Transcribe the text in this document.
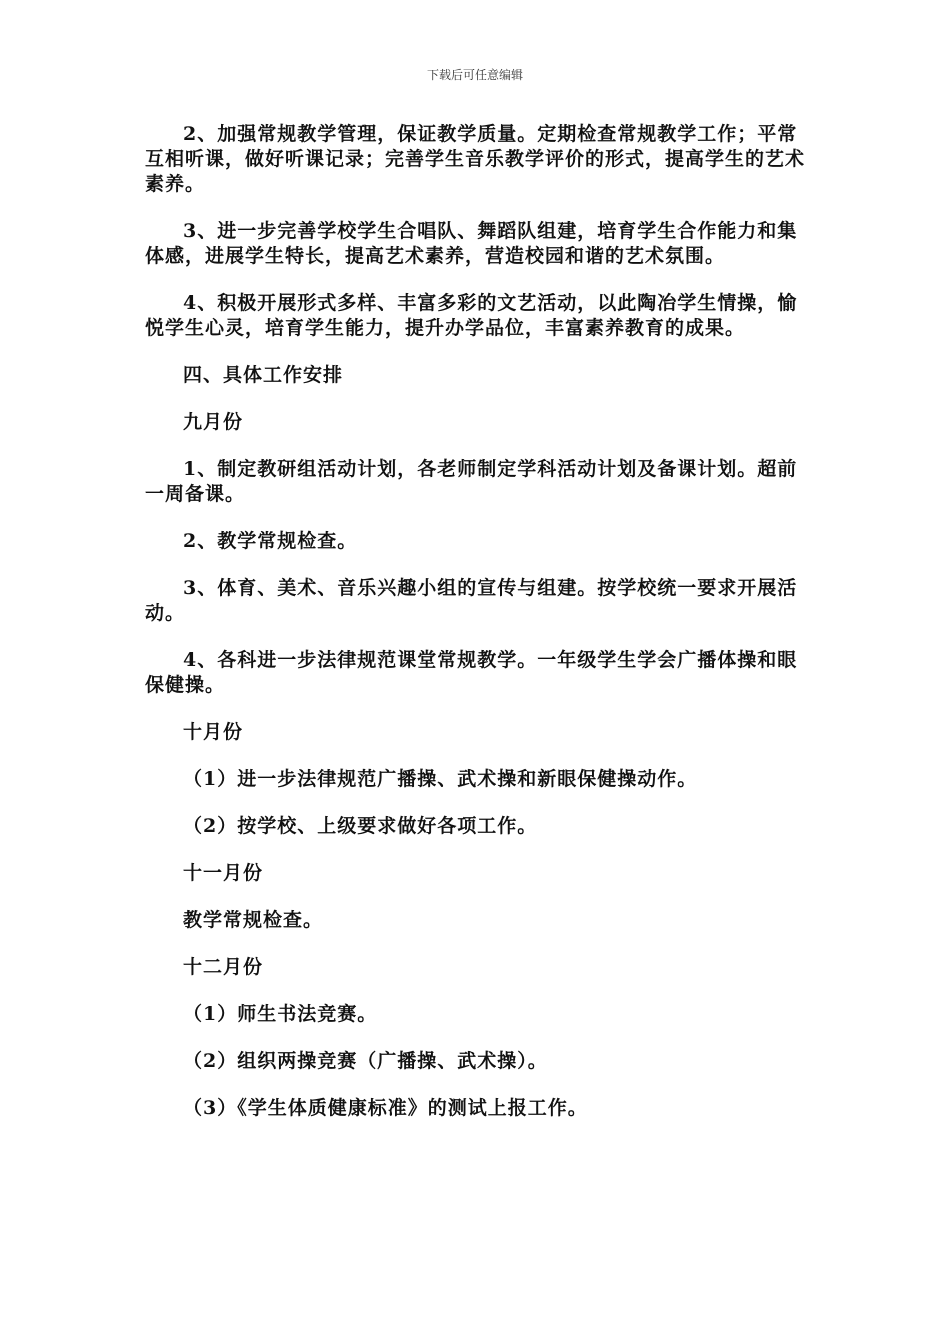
下载后可任意编辑

2、加强常规教学管理，保证教学质量。定期检查常规教学工作；平常互相听课，做好听课记录；完善学生音乐教学评价的形式，提高学生的艺术素养。

3、进一步完善学校学生合唱队、舞蹈队组建，培育学生合作能力和集体感，进展学生特长，提高艺术素养，营造校园和谐的艺术氛围。

4、积极开展形式多样、丰富多彩的文艺活动，以此陶冶学生情操，愉悦学生心灵，培育学生能力，提升办学品位，丰富素养教育的成果。

四、具体工作安排

九月份

1、制定教研组活动计划，各老师制定学科活动计划及备课计划。超前一周备课。

2、教学常规检查。

3、体育、美术、音乐兴趣小组的宣传与组建。按学校统一要求开展活动。

4、各科进一步法律规范课堂常规教学。一年级学生学会广播体操和眼保健操。

十月份

（1）进一步法律规范广播操、武术操和新眼保健操动作。

（2）按学校、上级要求做好各项工作。

十一月份

教学常规检查。

十二月份

（1）师生书法竞赛。

（2）组织两操竞赛（广播操、武术操）。

（3）《学生体质健康标准》的测试上报工作。
